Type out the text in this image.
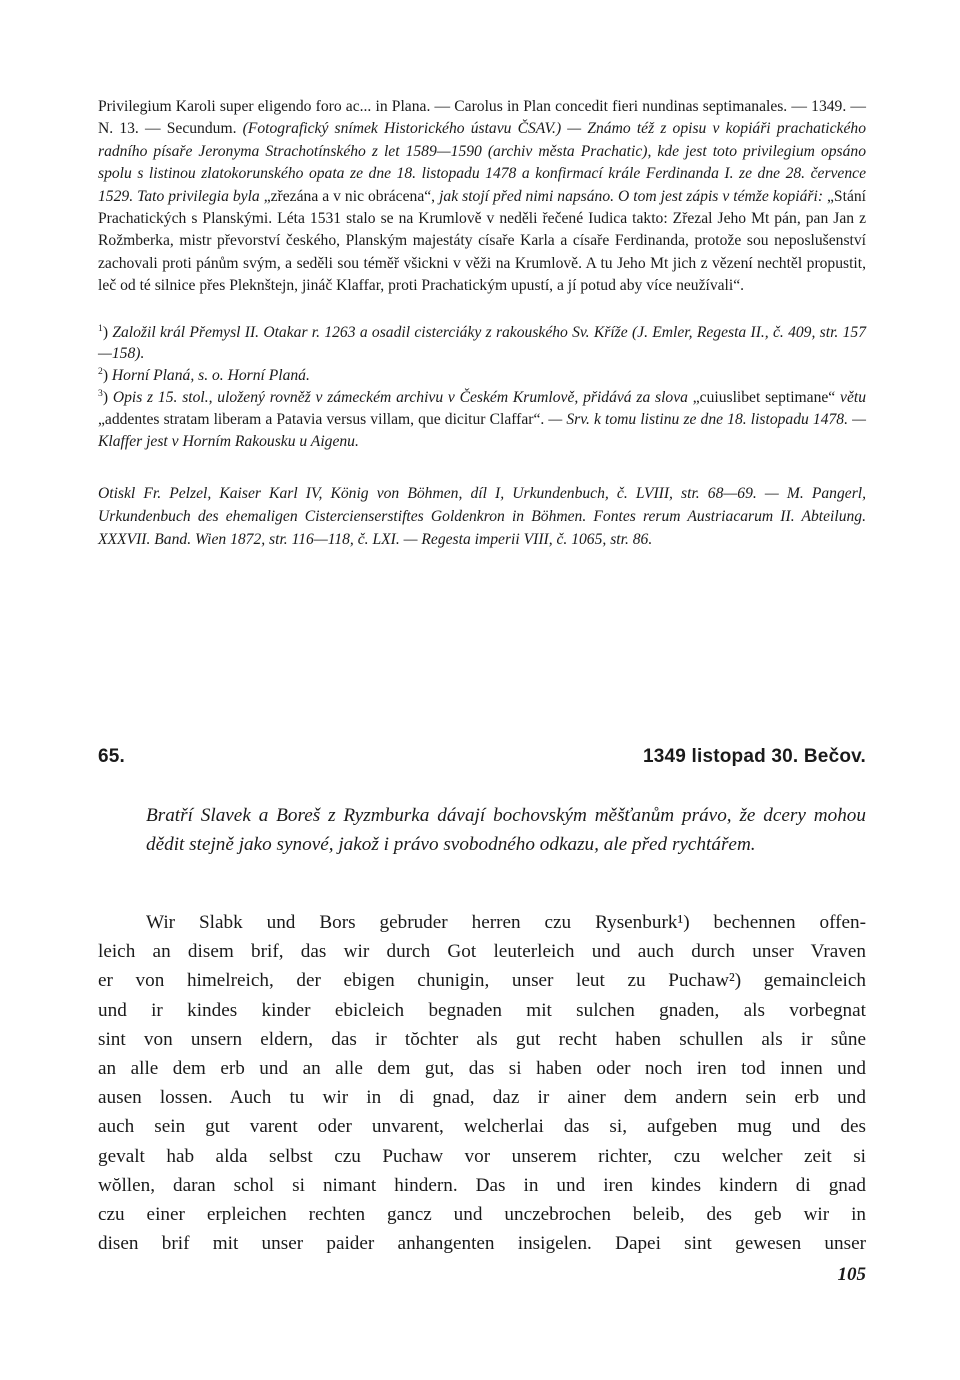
Privilegium Karoli super eligendo foro ac... in Plana. — Carolus in Plan concedit fieri nundinas septimanales. — 1349. — N. 13. — Secundum. (Fotografický snímek Historického ústavu ČSAV.) — Známo též z opisu v kopiáři prachatického radního písaře Jeronyma Strachotínského z let 1589—1590 (archiv města Prachatic), kde jest toto privilegium opsáno spolu s listinou zlatokorunského opata ze dne 18. listopadu 1478 a konfirmací krále Ferdinanda I. ze dne 28. července 1529. Tato privilegia byla „zřezána a v nic obrácena“, jak stojí před nimi napsáno. O tom jest zápis v témže kopiáři: „Stání Prachatických s Planskými. Léta 1531 stalo se na Krumlově v neděli řečené Iudica takto: Zřezal Jeho Mt pán, pan Jan z Rožmberka, mistr převorství českého, Planským majestáty císaře Karla a císaře Ferdinanda, protože sou neposlušenství zachovali proti pánům svým, a seděli sou téměř všickni v věži na Krumlově. A tu Jeho Mt jich z vězení nechtěl propustit, leč od té silnice přes Pleknštejn, jináč Klaffar, proti Prachatickým upustí, a jí potud aby více neužívali“.

$^1$) Založil král Přemysl II. Otakar r. 1263 a osadil cisterciáky z rakouského Sv. Kříže (J. Emler, Regesta II., č. 409, str. 157—158).

$^2$) Horní Planá, s. o. Horní Planá.

$^3$) Opis z 15. stol., uložený rovněž v zámeckém archivu v Českém Krumlově, přidává za slova „cuiuslibet septimane“ větu „addentes stratam liberam a Patavia versus villam, que dicitur Claffar“. — Srv. k tomu listinu ze dne 18. listopadu 1478. — Klaffer jest v Horním Rakousku u Aigenu.

Otiskl Fr. Pelzel, Kaiser Karl IV, König von Böhmen, díl I, Urkundenbuch, č. LVIII, str. 68—69. — M. Pangerl, Urkundenbuch des ehemaligen Cistercienserstiftes Goldenkron in Böhmen. Fontes rerum Austriacarum II. Abteilung. XXXVII. Band. Wien 1872, str. 116—118, č. LXI. — Regesta imperii VIII, č. 1065, str. 86.

65.	1349 listopad 30. Bečov.

Bratří Slavek a Boreš z Ryzmburka dávají bochovským měšťanům právo, že dcery mohou dědit stejně jako synové, jakož i právo svobodného odkazu, ale před rychtářem.

Wir Slabk und Bors gebruder herren czu Rysenburk¹) bechennen offen-
leich an disem brif, das wir durch Got leuterleich und auch durch unser Vraven
er von himelreich, der ebigen chunigin, unser leut zu Puchaw²) gemaincleich
und ir kindes kinder ebicleich begnaden mit sulchen gnaden, als vorbegnat
sint von unsern eldern, das ir tŏchter als gut recht haben schullen als ir sůne
an alle dem erb und an alle dem gut, das si haben oder noch iren tod innen und
ausen lossen. Auch tu wir in di gnad, daz ir ainer dem andern sein erb und
auch sein gut varent oder unvarent, welcherlai das si, aufgeben mug und des
gevalt hab alda selbst czu Puchaw vor unserem richter, czu welcher zeit si
wŏllen, daran schol si nimant hindern. Das in und iren kindes kindern di gnad
czu einer erpleichen rechten gancz und unczebrochen beleib, des geb wir in
disen brif mit unser paider anhangenten insigelen. Dapei sint gewesen unser
105
